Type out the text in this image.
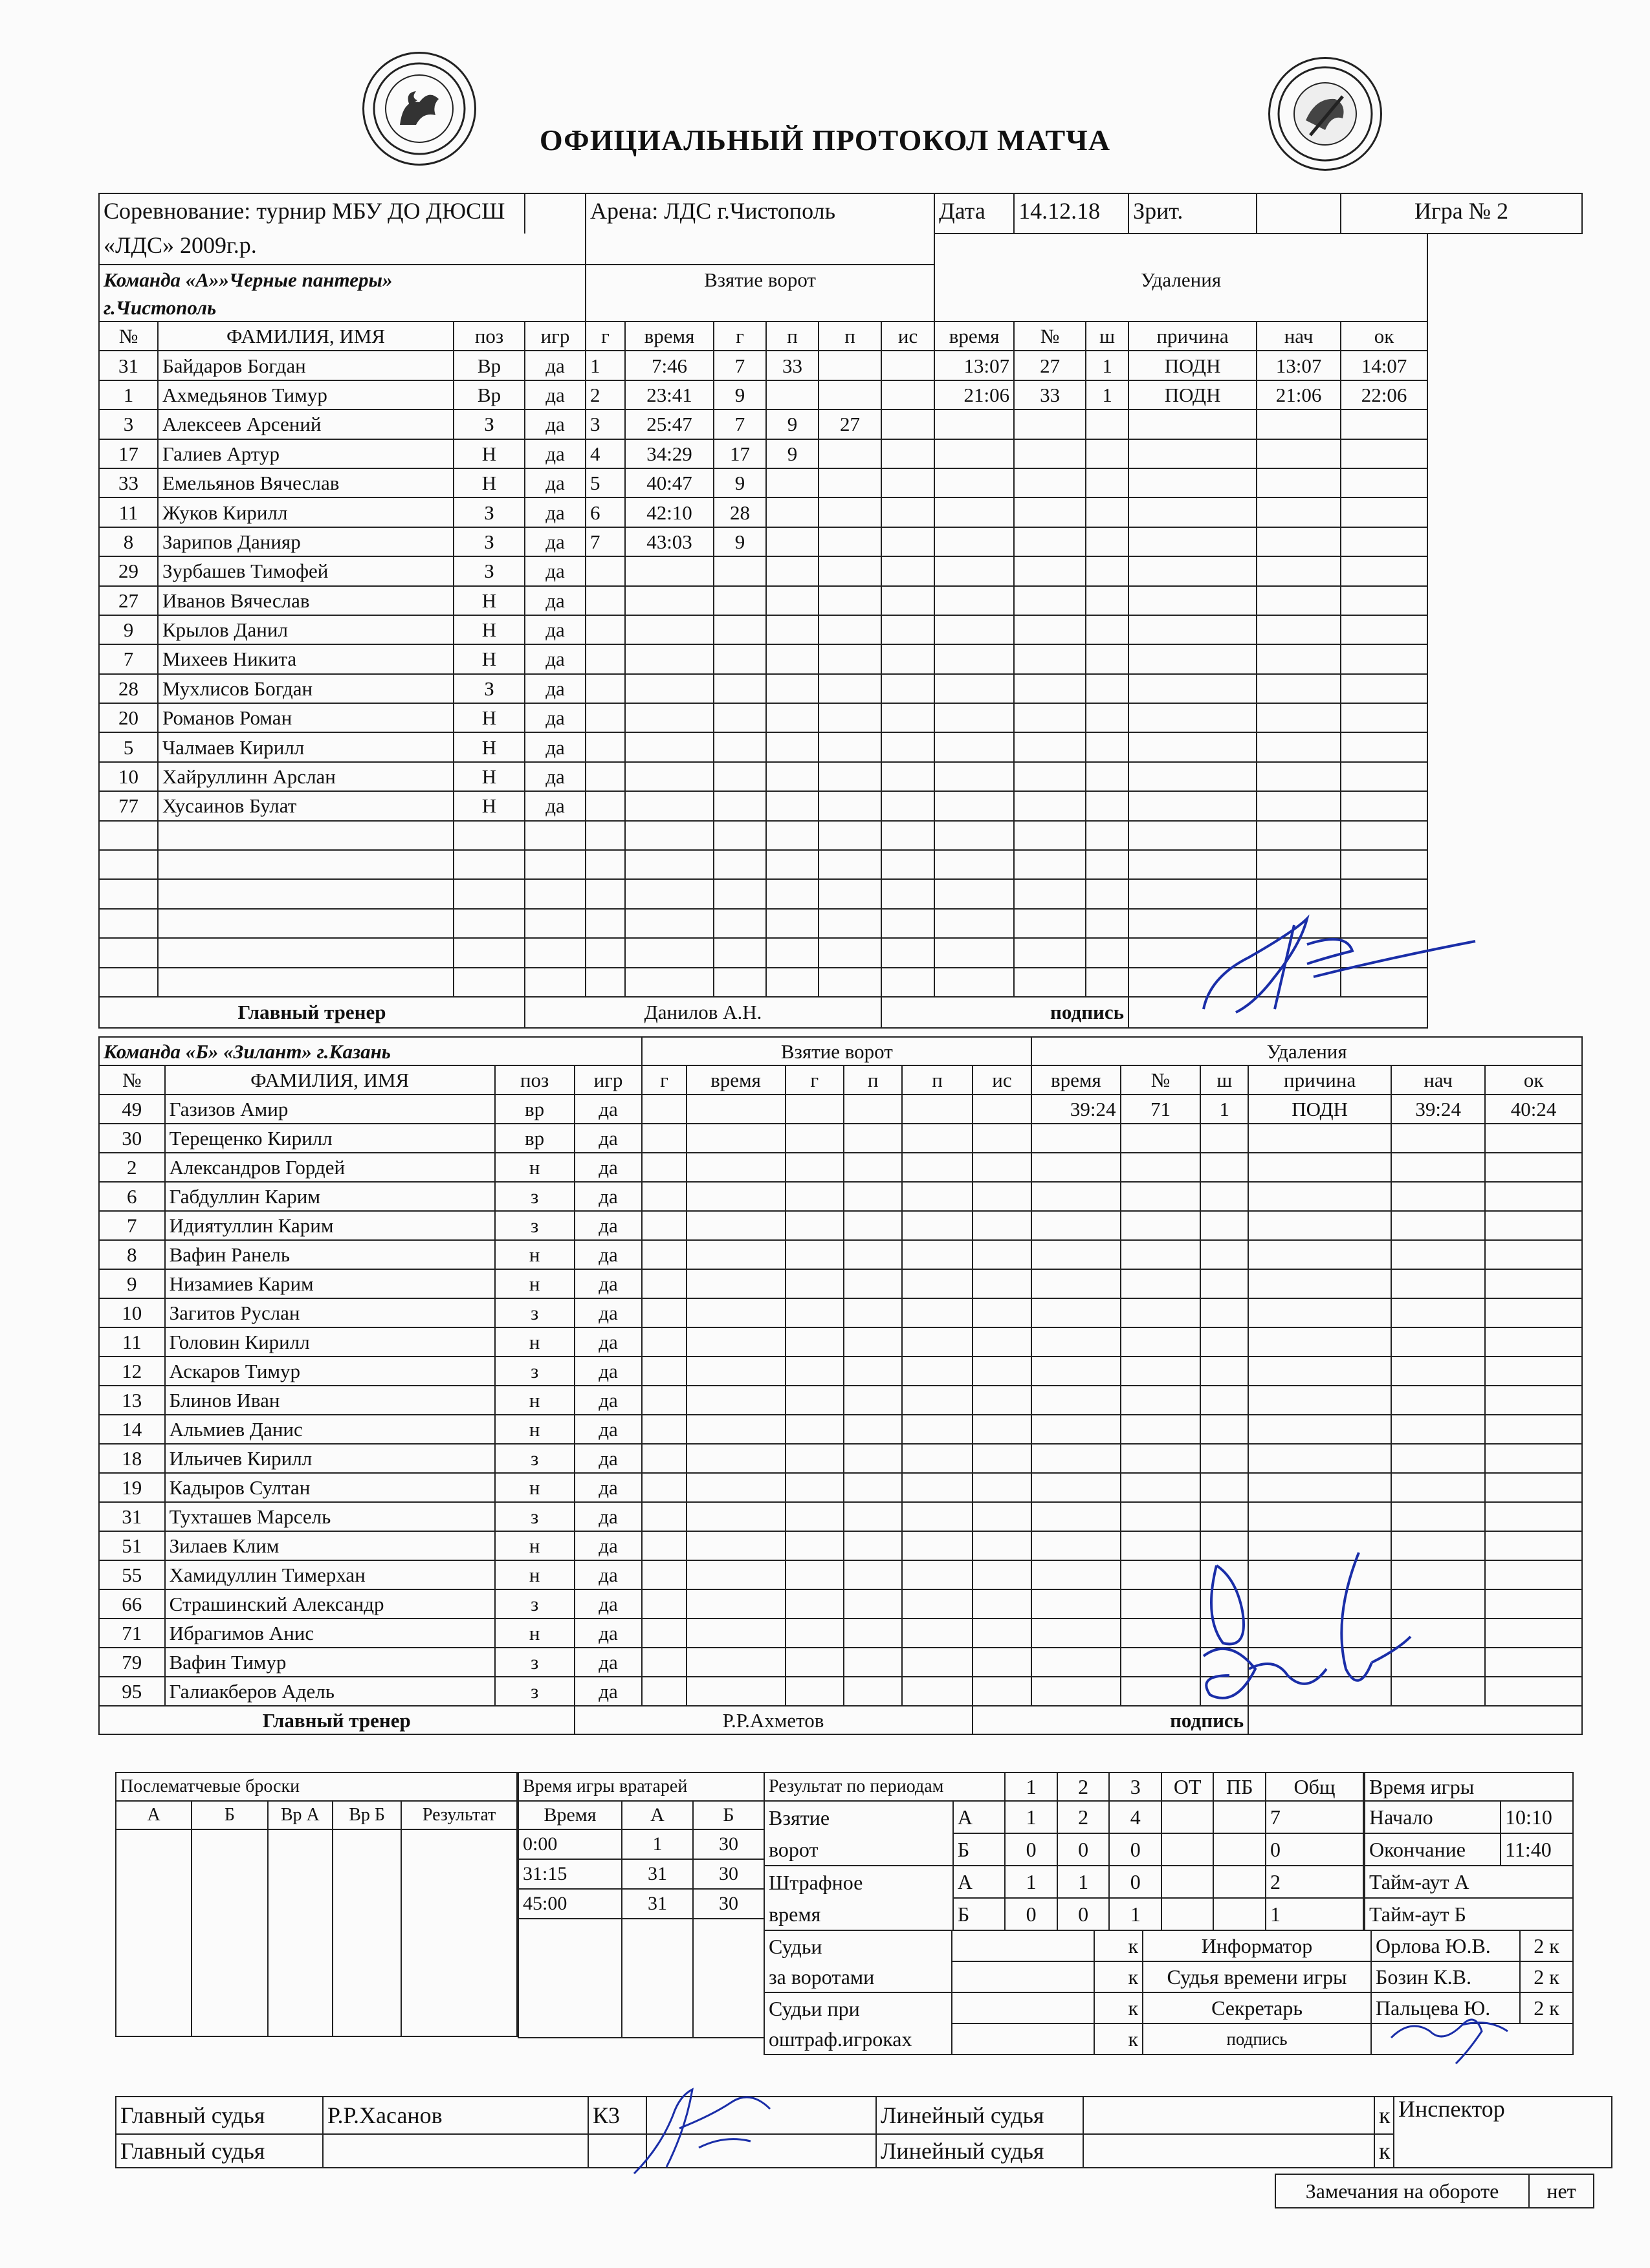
ОФИЦИАЛЬНЫЙ ПРОТОКОЛ МАТЧА
Соревнование: турнир МБУ ДО ДЮСШ				Арена: ЛДС г.Чистополь						Дата	14.12.18		Зрит.		Игра № 2
«ЛДС» 2009г.р.															
Команда «А»»Черные пантеры»				Взятие ворот						Удаления					
г.Чистополь															
№	ФАМИЛИЯ, ИМЯ	поз	игр	г	время	г	п	п	ис	время	№	ш	причина	нач	ок
31	Байдаров Богдан	Вр	да	1	7:46	7	33			13:07	27	1	ПОДН	13:07	14:07
1	Ахмедьянов Тимур	Вр	да	2	23:41	9				21:06	33	1	ПОДН	21:06	22:06
3	Алексеев Арсений	З	да	3	25:47	7	9	27							
17	Галиев Артур	Н	да	4	34:29	17	9								
33	Емельянов Вячеслав	Н	да	5	40:47	9									
11	Жуков Кирилл	З	да	6	42:10	28									
8	Зарипов Данияр	З	да	7	43:03	9									
29	Зурбашев Тимофей	З	да												
27	Иванов Вячеслав	Н	да												
9	Крылов Данил	Н	да												
7	Михеев Никита	Н	да												
28	Мухлисов Богдан	З	да												
20	Романов Роман	Н	да												
5	Чалмаев Кирилл	Н	да												
10	Хайруллинн Арслан	Н	да												
77	Хусаинов Булат	Н	да												

Главный тренер			Данилов А.Н.						подпись						
Команда «Б» «Зилант» г.Казань				Взятие ворот						Удаления					
№	ФАМИЛИЯ, ИМЯ	поз	игр	г	время	г	п	п	ис	время	№	ш	причина	нач	ок
49	Газизов Амир	вр	да							39:24	71	1	ПОДН	39:24	40:24
30	Терещенко Кирилл	вр	да												
2	Александров Гордей	н	да												
6	Габдуллин Карим	з	да												
7	Идиятуллин Карим	з	да												
8	Вафин Ранель	н	да												
9	Низамиев Карим	н	да												
10	Загитов Руслан	з	да												
11	Головин Кирилл	н	да												
12	Аскаров Тимур	з	да												
13	Блинов Иван	н	да												
14	Альмиев Данис	н	да												
18	Ильичев Кирилл	з	да												
19	Кадыров Султан	н	да												
31	Тухташев Марсель	з	да												
51	Зилаев Клим	н	да												
55	Хамидуллин Тимерхан	н	да												
66	Страшинский Александр	з	да												
71	Ибрагимов Анис	н	да												
79	Вафин Тимур	з	да												
95	Галиакберов Адель	з	да												
Главный тренер			Р.Р.Ахметов						подпись						
Послематчевые броски				
А	Б	Вр А	Вр Б	Результат

Время игры вратарей		
Время	А	Б
0:00	1	30
31:15	31	30
45:00	31	30

Результат по периодам		1	2	3	ОТ	ПБ	Общ
Взятие	А	1	2	4			7
ворот	Б	0	0	0			0
Штрафное	А	1	1	0			2
время	Б	0	0	1			1
Время игры	
Начало	10:10
Окончание	11:40
Тайм-аут А	
Тайм-аут Б	
Судьи		к	Информатор	Орлова Ю.В.	2 к
за воротами		к	Судья времени игры	Бозин К.В.	2 к
Судьи при		к	Секретарь	Пальцева Ю.	2 к
оштраф.игроках		к	подпись		
Главный судья	Р.Р.Хасанов	К3		Линейный судья		к	Инспектор
Главный судья				Линейный судья		к	
Замечания на обороте	нет
